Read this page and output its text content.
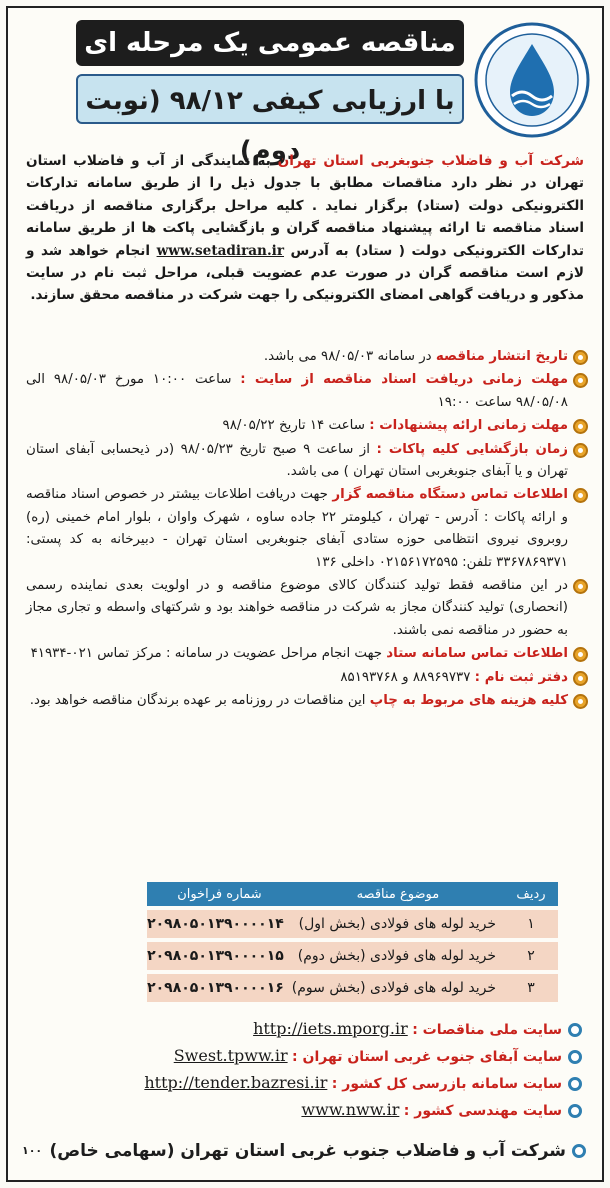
مناقصه عمومی یک مرحله ای
با ارزیابی کیفی ۹۸/۱۲ (نوبت دوم)
شرکت آب و فاضلاب جنوبغربی استان تهران به نمایندگی از آب و فاضلاب استان تهران در نظر دارد مناقصات مطابق با جدول ذیل را از طریق سامانه تدارکات الکترونیکی دولت (ستاد) برگزار نماید . کلیه مراحل برگزاری مناقصه از دریافت اسناد مناقصه تا ارائه پیشنهاد مناقصه گران و بازگشایی پاکت ها از طریق سامانه تدارکات الکترونیکی دولت ( ستاد) به آدرس www.setadiran.ir انجام خواهد شد و لازم است مناقصه گران در صورت عدم عضویت قبلی، مراحل ثبت نام در سایت مذکور و دریافت گواهی امضای الکترونیکی را جهت شرکت در مناقصه محقق سازند.
تاریخ انتشار مناقصه در سامانه ۹۸/۰۵/۰۳ می باشد.
مهلت زمانی دریافت اسناد مناقصه از سایت : ساعت ۱۰:۰۰ مورخ ۹۸/۰۵/۰۳ الی ۹۸/۰۵/۰۸ ساعت ۱۹:۰۰
مهلت زمانی ارائه پیشنهادات : ساعت ۱۴ تاریخ ۹۸/۰۵/۲۲
زمان بازگشایی کلیه پاکات : از ساعت ۹ صبح تاریخ ۹۸/۰۵/۲۳ (در ذیحسابی آبفای استان تهران و یا آبفای جنوبغربی استان تهران ) می باشد.
اطلاعات تماس دستگاه مناقصه گزار جهت دریافت اطلاعات بیشتر در خصوص اسناد مناقصه و ارائه پاکات : آدرس - تهران ، کیلومتر ۲۲ جاده ساوه ، شهرک واوان ، بلوار امام خمینی (ره) روبروی نیروی انتظامی حوزه ستادی آبفای جنوبغربی استان تهران - دبیرخانه به کد پستی: ۳۳۶۷۸۶۹۳۷۱ تلفن: ۰۲۱۵۶۱۷۲۵۹۵ داخلی ۱۳۶
در این مناقصه فقط تولید کنندگان کالای موضوع مناقصه و در اولویت بعدی نماینده رسمی (انحصاری) تولید کنندگان مجاز به شرکت در مناقصه خواهند بود و شرکتهای واسطه و تجاری مجاز به حضور در مناقصه نمی باشند.
اطلاعات تماس سامانه ستاد جهت انجام مراحل عضویت در سامانه : مرکز تماس ۰۲۱-۴۱۹۳۴
دفتر ثبت نام : ۸۸۹۶۹۷۳۷ و ۸۵۱۹۳۷۶۸
کلیه هزینه های مربوط به چاپ این مناقصات در روزنامه بر عهده برندگان مناقصه خواهد بود.
ردیف	موضوع مناقصه	شماره فراخوان
۱	خرید لوله های فولادی (بخش اول)	۲۰۹۸۰۵۰۱۳۹۰۰۰۰۱۴
۲	خرید لوله های فولادی (بخش دوم)	۲۰۹۸۰۵۰۱۳۹۰۰۰۰۱۵
۳	خرید لوله های فولادی (بخش سوم)	۲۰۹۸۰۵۰۱۳۹۰۰۰۰۱۶
سایت ملی مناقصات : http://iets.mporg.ir
سایت آبفای جنوب غربی استان تهران : Swest.tpww.ir
سایت سامانه بازرسی کل کشور : http://tender.bazresi.ir
سایت مهندسی کشور : www.nww.ir
شرکت آب و فاضلاب جنوب غربی استان تهران (سهامی خاص)
۱۰۰
